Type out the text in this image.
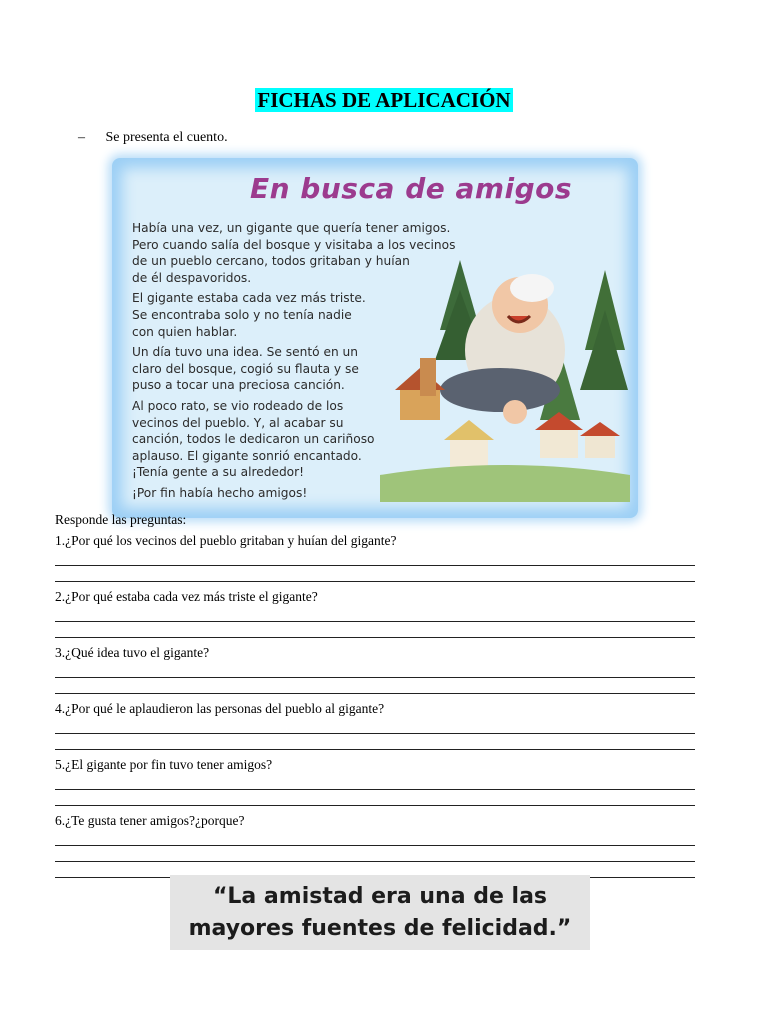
FICHAS DE APLICACIÓN
– Se presenta el cuento.
En busca de amigos

Había una vez, un gigante que quería tener amigos.
Pero cuando salía del bosque y visitaba a los vecinos
de un pueblo cercano, todos gritaban y huían
de él despavoridos.

El gigante estaba cada vez más triste.
Se encontraba solo y no tenía nadie
con quien hablar.

Un día tuvo una idea. Se sentó en un
claro del bosque, cogió su flauta y se
puso a tocar una preciosa canción.

Al poco rato, se vio rodeado de los
vecinos del pueblo. Y, al acabar su
canción, todos le dedicaron un cariñoso
aplauso. El gigante sonrió encantado.
¡Tenía gente a su alrededor!

¡Por fin había hecho amigos!

Responde las preguntas:
1.¿Por qué los vecinos del pueblo gritaban y huían del gigante?
2.¿Por qué estaba cada vez más triste el gigante?
3.¿Qué idea tuvo el gigante?
4.¿Por qué le aplaudieron las personas del pueblo al gigante?
5.¿El gigante por fin tuvo tener amigos?
6.¿Te gusta tener amigos?¿porque?
“La amistad era una de las
mayores fuentes de felicidad.”
